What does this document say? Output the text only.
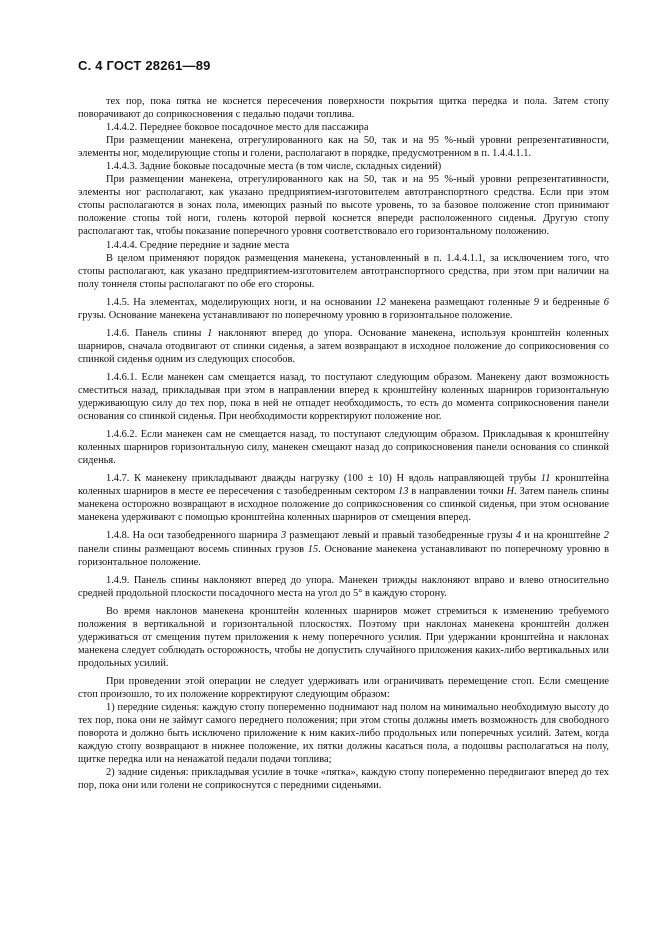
С. 4 ГОСТ 28261—89

тех пор, пока пятка не коснется пересечения поверхности покрытия щитка передка и пола. Затем стопу поворачивают до соприкосновения с педалью подачи топлива.

1.4.4.2. Переднее боковое посадочное место для пассажира

При размещении манекена, отрегулированного как на 50, так и на 95 %-ный уровни репрезентативности, элементы ног, моделирующие стопы и голени, располагают в порядке, предусмотренном в п. 1.4.4.1.1.

1.4.4.3. Задние боковые посадочные места (в том числе, складных сидений)

При размещении манекена, отрегулированного как на 50, так и на 95 %-ный уровни репрезентативности, элементы ног располагают, как указано предприятием-изготовителем автотранспортного средства. Если при этом стопы располагаются в зонах пола, имеющих разный по высоте уровень, то за базовое положение стоп принимают положение стопы той ноги, голень которой первой коснется впереди расположенного сиденья. Другую стопу располагают так, чтобы показание поперечного уровня соответствовало его горизонтальному положению.

1.4.4.4. Средние передние и задние места

В целом применяют порядок размещения манекена, установленный в п. 1.4.4.1.1, за исключением того, что стопы располагают, как указано предприятием-изготовителем автотранспортного средства, при этом при наличии на полу тоннеля стопы располагают по обе его стороны.

1.4.5. На элементах, моделирующих ноги, и на основании 12 манекена размещают голенные 9 и бедренные 6 грузы. Основание манекена устанавливают по поперечному уровню в горизонтальное положение.

1.4.6. Панель спины 1 наклоняют вперед до упора. Основание манекена, используя кронштейн коленных шарниров, сначала отодвигают от спинки сиденья, а затем возвращают в исходное положение до соприкосновения со спинкой сиденья одним из следующих способов.

1.4.6.1. Если манекен сам смещается назад, то поступают следующим образом. Манекену дают возможность сместиться назад, прикладывая при этом в направлении вперед к кронштейну коленных шарниров горизонтальную удерживающую силу до тех пор, пока в ней не отпадет необходимость, то есть до момента соприкосновения панели основания со спинкой сиденья. При необходимости корректируют положение ног.

1.4.6.2. Если манекен сам не смещается назад, то поступают следующим образом. Прикладывая к кронштейну коленных шарниров горизонтальную силу, манекен смещают назад до соприкосновения панели основания со спинкой сиденья.

1.4.7. К манекену прикладывают дважды нагрузку (100 ± 10) Н вдоль направляющей трубы 11 кронштейна коленных шарниров в месте ее пересечения с тазобедренным сектором 13 в направлении точки Н. Затем панель спины манекена осторожно возвращают в исходное положение до соприкосновения со спинкой сиденья, при этом основание манекена удерживают с помощью кронштейна коленных шарниров от смещения вперед.

1.4.8. На оси тазобедренного шарнира 3 размещают левый и правый тазобедренные грузы 4 и на кронштейне 2 панели спины размещают восемь спинных грузов 15. Основание манекена устанавливают по поперечному уровню в горизонтальное положение.

1.4.9. Панель спины наклоняют вперед до упора. Манекен трижды наклоняют вправо и влево относительно средней продольной плоскости посадочного места на угол до 5° в каждую сторону.

Во время наклонов манекена кронштейн коленных шарниров может стремиться к изменению требуемого положения в вертикальной и горизонтальной плоскостях. Поэтому при наклонах манекена кронштейн должен удерживаться от смещения путем приложения к нему поперечного усилия. При удержании кронштейна и наклонах манекена следует соблюдать осторожность, чтобы не допустить случайного приложения каких-либо вертикальных или продольных усилий.

При проведении этой операции не следует удерживать или ограничивать перемещение стоп. Если смещение стоп произошло, то их положение корректируют следующим образом:

1) передние сиденья: каждую стопу попеременно поднимают над полом на минимально необходимую высоту до тех пор, пока они не займут самого переднего положения; при этом стопы должны иметь возможность для свободного поворота и должно быть исключено приложение к ним каких-либо продольных или поперечных усилий. Затем, когда каждую стопу возвращают в нижнее положение, их пятки должны касаться пола, а подошвы располагаться на полу, щитке передка или на ненажатой педали подачи топлива;

2) задние сиденья: прикладывая усилие в точке «пятка», каждую стопу попеременно передвигают вперед до тех пор, пока они или голени не соприкоснутся с передними сиденьями.
